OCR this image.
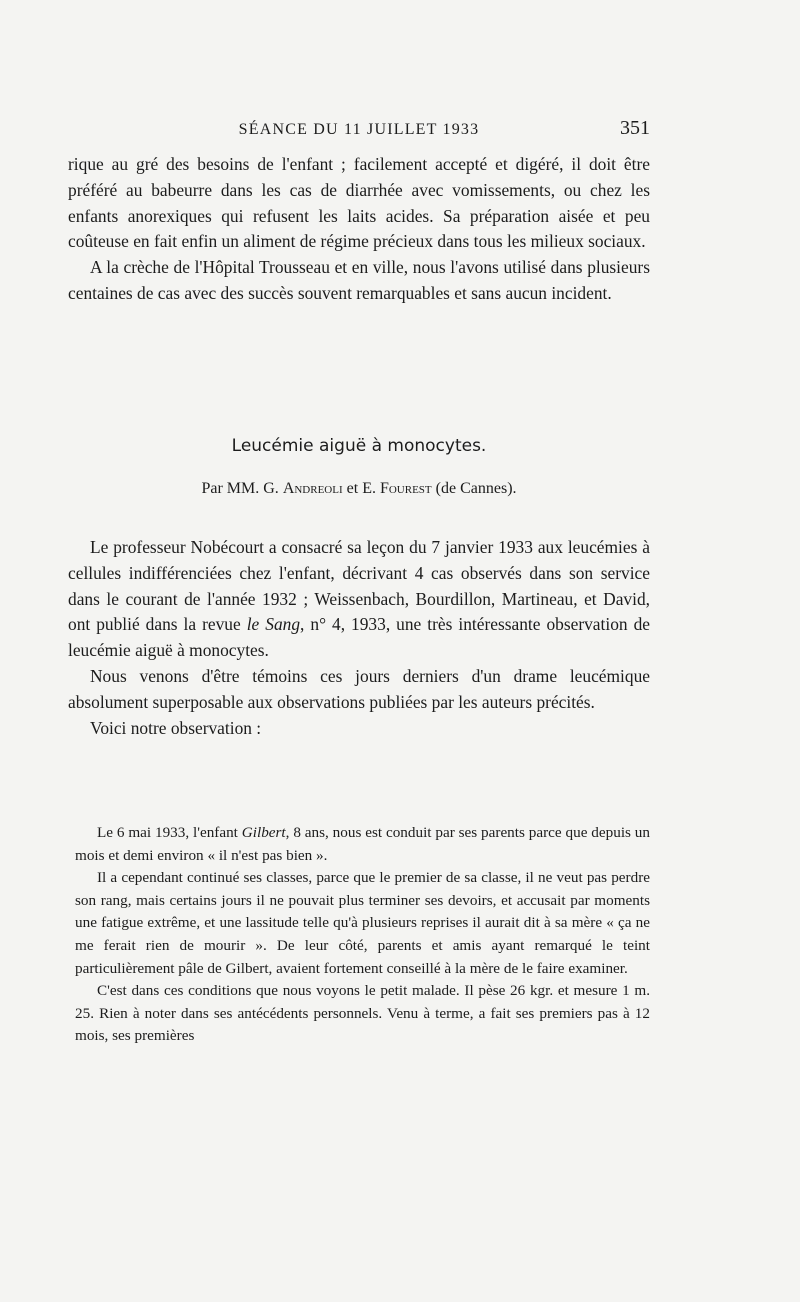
SÉANCE DU 11 JUILLET 1933	351

rique au gré des besoins de l'enfant ; facilement accepté et digéré, il doit être préféré au babeurre dans les cas de diarrhée avec vomissements, ou chez les enfants anorexiques qui refusent les laits acides. Sa préparation aisée et peu coûteuse en fait enfin un aliment de régime précieux dans tous les milieux sociaux.

A la crèche de l'Hôpital Trousseau et en ville, nous l'avons utilisé dans plusieurs centaines de cas avec des succès souvent remarquables et sans aucun incident.

Leucémie aiguë à monocytes.
Par MM. G. Andreoli et E. Fourest (de Cannes).

Le professeur Nobécourt a consacré sa leçon du 7 janvier 1933 aux leucémies à cellules indifférenciées chez l'enfant, décrivant 4 cas observés dans son service dans le courant de l'année 1932 ; Weissenbach, Bourdillon, Martineau, et David, ont publié dans la revue le Sang, n° 4, 1933, une très intéressante observation de leucémie aiguë à monocytes.

Nous venons d'être témoins ces jours derniers d'un drame leucémique absolument superposable aux observations publiées par les auteurs précités.

Voici notre observation :

Le 6 mai 1933, l'enfant Gilbert, 8 ans, nous est conduit par ses parents parce que depuis un mois et demi environ « il n'est pas bien ».

Il a cependant continué ses classes, parce que le premier de sa classe, il ne veut pas perdre son rang, mais certains jours il ne pouvait plus terminer ses devoirs, et accusait par moments une fatigue extrême, et une lassitude telle qu'à plusieurs reprises il aurait dit à sa mère « ça ne me ferait rien de mourir ». De leur côté, parents et amis ayant remarqué le teint particulièrement pâle de Gilbert, avaient fortement conseillé à la mère de le faire examiner.

C'est dans ces conditions que nous voyons le petit malade. Il pèse 26 kgr. et mesure 1 m. 25. Rien à noter dans ses antécédents personnels. Venu à terme, a fait ses premiers pas à 12 mois, ses premières
